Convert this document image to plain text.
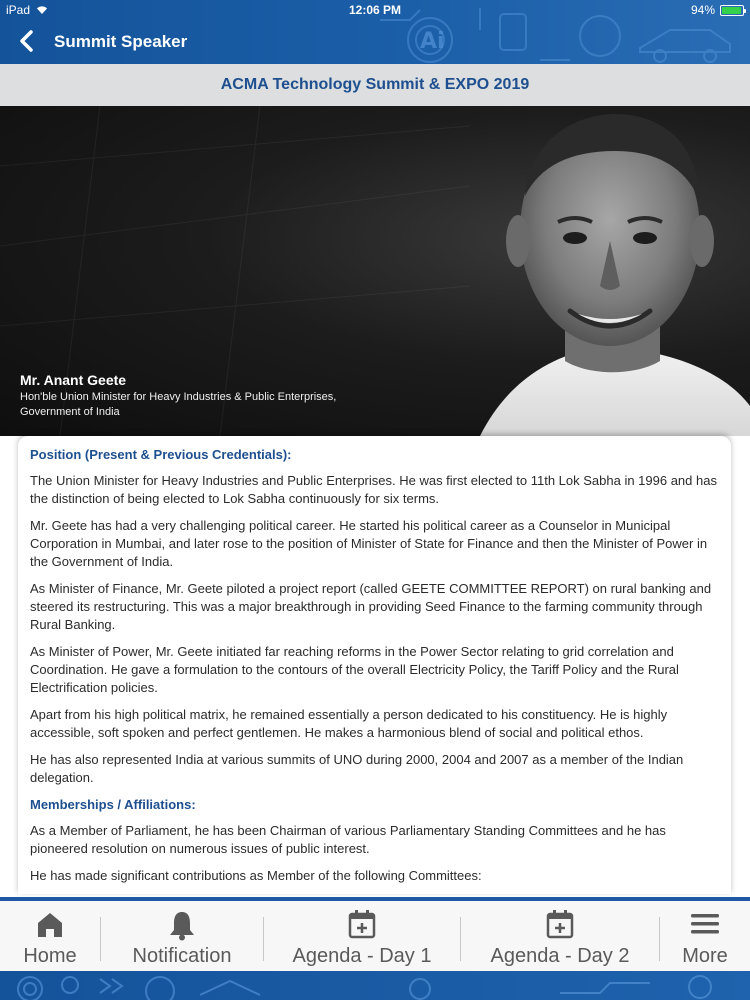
Ai
iPad	12:06 PM	94%
Summit Speaker
ACMA Technology Summit & EXPO 2019
Mr. Anant Geete
Hon'ble Union Minister for Heavy Industries & Public Enterprises,
Government of India
Position (Present & Previous Credentials):

The Union Minister for Heavy Industries and Public Enterprises. He was first elected to 11th Lok Sabha in 1996 and has the distinction of being elected to Lok Sabha continuously for six terms.

Mr. Geete has had a very challenging political career. He started his political career as a Counselor in Municipal Corporation in Mumbai, and later rose to the position of Minister of State for Finance and then the Minister of Power in the Government of India.

As Minister of Finance, Mr. Geete piloted a project report (called GEETE COMMITTEE REPORT) on rural banking and steered its restructuring. This was a major breakthrough in providing Seed Finance to the farming community through Rural Banking.

As Minister of Power, Mr. Geete initiated far reaching reforms in the Power Sector relating to grid correlation and Coordination. He gave a formulation to the contours of the overall Electricity Policy, the Tariff Policy and the Rural Electrification policies.

Apart from his high political matrix, he remained essentially a person dedicated to his constituency. He is highly accessible, soft spoken and perfect gentlemen. He makes a harmonious blend of social and political ethos.

He has also represented India at various summits of UNO during 2000, 2004 and 2007 as a member of the Indian delegation.

Memberships / Affiliations:

As a Member of Parliament, he has been Chairman of various Parliamentary Standing Committees and he has pioneered resolution on numerous issues of public interest.

He has made significant contributions as Member of the following Committees:

Home	Notification	Agenda - Day 1	Agenda - Day 2	More
